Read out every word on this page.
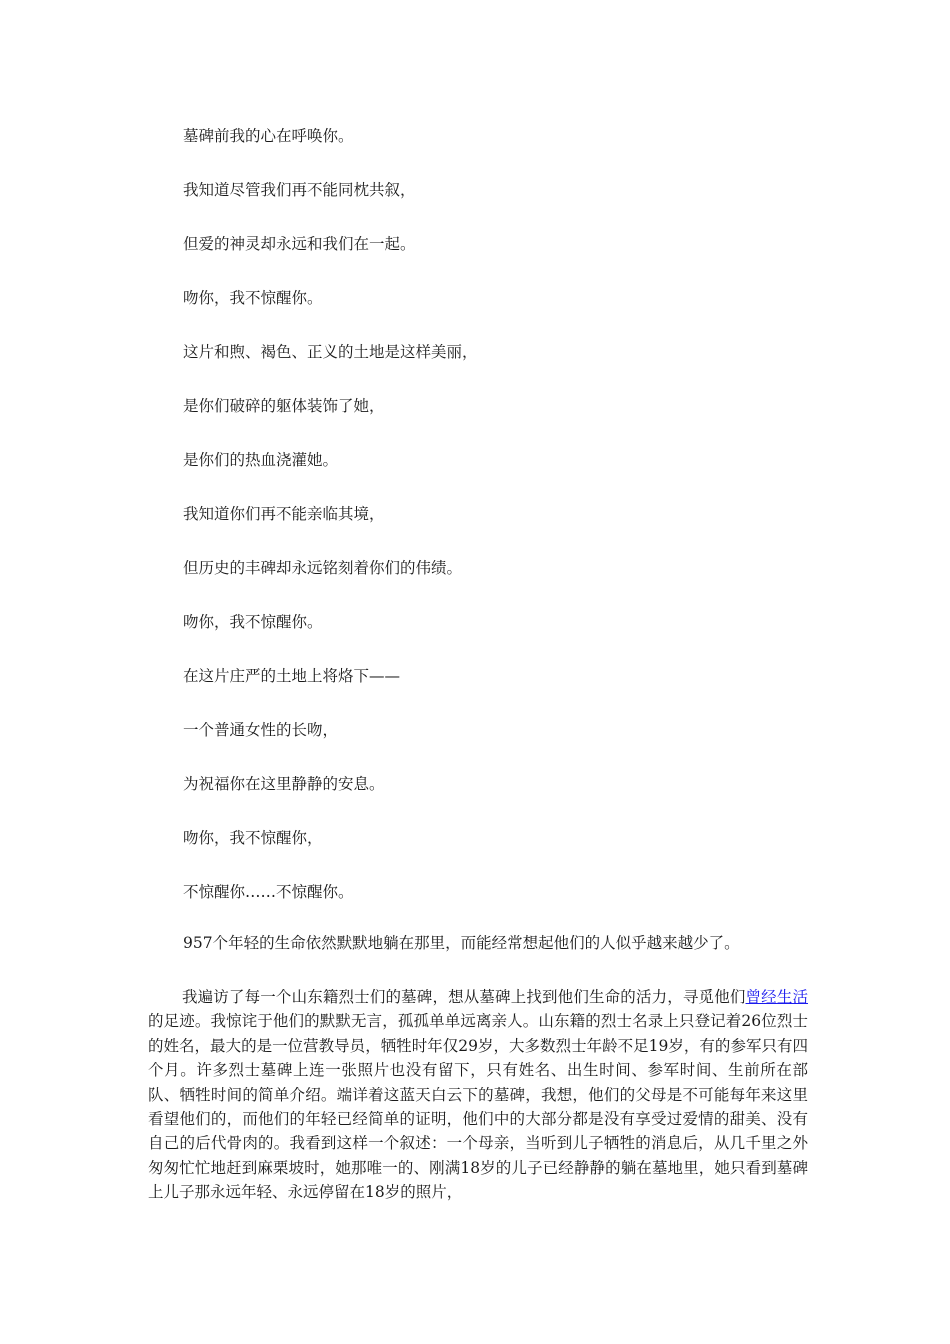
墓碑前我的心在呼唤你。
我知道尽管我们再不能同枕共叙，
但爱的神灵却永远和我们在一起。
吻你，我不惊醒你。
这片和煦、褐色、正义的土地是这样美丽，
是你们破碎的躯体装饰了她，
是你们的热血浇灌她。
我知道你们再不能亲临其境，
但历史的丰碑却永远铭刻着你们的伟绩。
吻你，我不惊醒你。
在这片庄严的土地上将烙下——
一个普通女性的长吻，
为祝福你在这里静静的安息。
吻你，我不惊醒你，
不惊醒你……不惊醒你。

957个年轻的生命依然默默地躺在那里，而能经常想起他们的人似乎越来越少了。

我遍访了每一个山东籍烈士们的墓碑，想从墓碑上找到他们生命的活力，寻觅他们曾经生活的足迹。我惊诧于他们的默默无言，孤孤单单远离亲人。山东籍的烈士名录上只登记着26位烈士的姓名，最大的是一位营教导员，牺牲时年仅29岁，大多数烈士年龄不足19岁，有的参军只有四个月。许多烈士墓碑上连一张照片也没有留下，只有姓名、出生时间、参军时间、生前所在部队、牺牲时间的简单介绍。端详着这蓝天白云下的墓碑，我想，他们的父母是不可能每年来这里看望他们的，而他们的年轻已经简单的证明，他们中的大部分都是没有享受过爱情的甜美、没有自己的后代骨肉的。我看到这样一个叙述：一个母亲，当听到儿子牺牲的消息后，从几千里之外匆匆忙忙地赶到麻栗坡时，她那唯一的、刚满18岁的儿子已经静静的躺在墓地里，她只看到墓碑上儿子那永远年轻、永远停留在18岁的照片，
